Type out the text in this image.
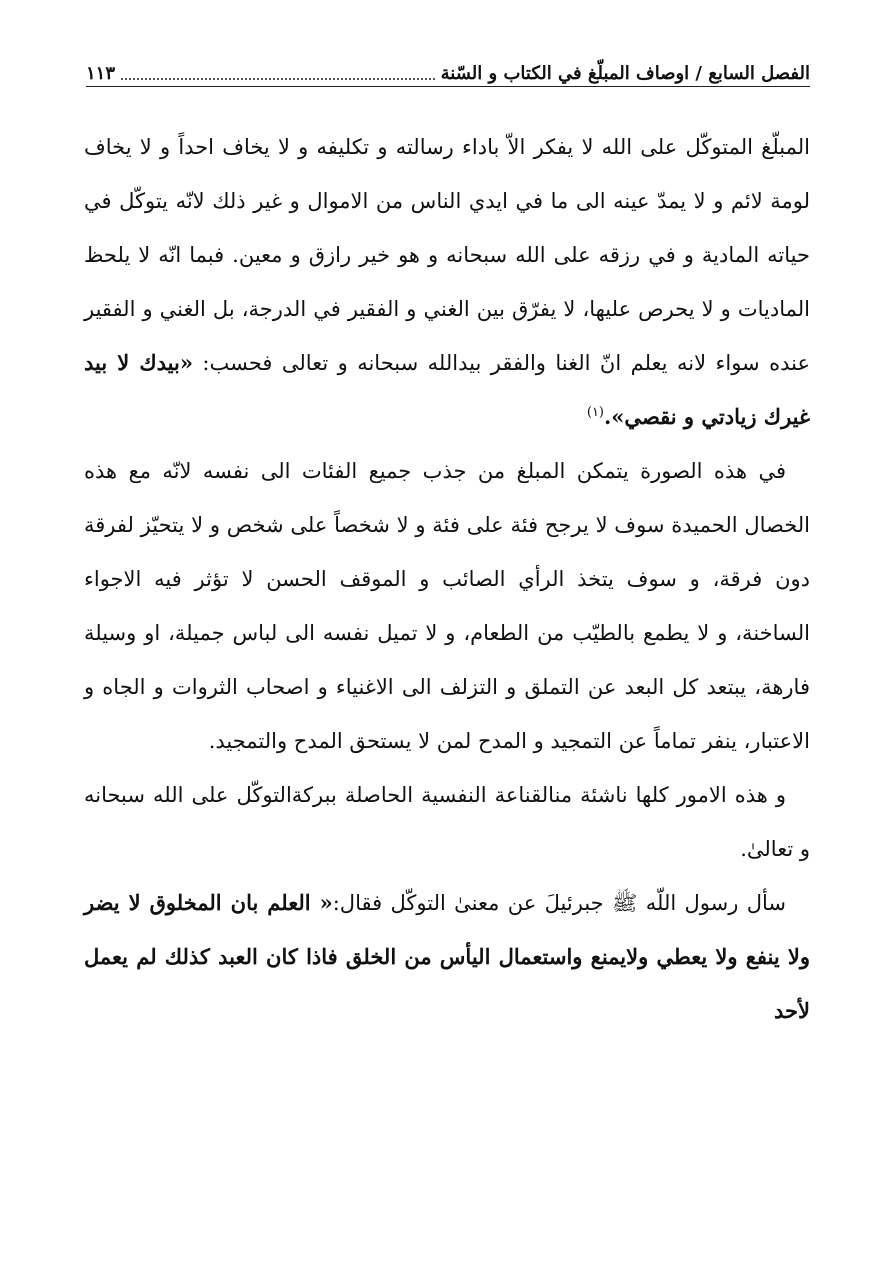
الفصل السابع / اوصاف المبلّغ في الكتاب و السّنة
١١٣

المبلّغ المتوكّل على الله لا يفكر الاّ باداء رسالته و تكليفه و لا يخاف احداً و لا يخاف لومة لائم و لا يمدّ عينه الى ما في ايدي الناس من الاموال و غير ذلك لانّه يتوكّل في حياته المادية و في رزقه على الله سبحانه و هو خير رازق و معين. فبما انّه لا يلحظ الماديات و لا يحرص عليها، لا يفرّق بين الغني و الفقير في الدرجة، بل الغني و الفقير عنده سواء لانه يعلم انّ الغنا والفقر بيدالله سبحانه و تعالى فحسب: «بيدك لا بيد غيرك زيادتي و نقصي».$^{(١)}$

في هذه الصورة يتمكن المبلغ من جذب جميع الفئات الى نفسه لانّه مع هذه الخصال الحميدة سوف لا يرجح فئة على فئة و لا شخصاً على شخص و لا يتحيّز لفرقة دون فرقة، و سوف يتخذ الرأي الصائب و الموقف الحسن لا تؤثر فيه الاجواء الساخنة، و لا يطمع بالطيّب من الطعام، و لا تميل نفسه الى لباس جميلة، او وسيلة فارهة، يبتعد كل البعد عن التملق و التزلف الى الاغنياء و اصحاب الثروات و الجاه و الاعتبار، ينفر تماماً عن التمجيد و المدح لمن لا يستحق المدح والتمجيد.

و هذه الامور كلها ناشئة منالقناعة النفسية الحاصلة ببركةالتوكّل على الله سبحانه و تعالىٰ.

سأل رسول اللّه ﷺ جبرئيلَ عن معنىٰ التوكّل فقال:« العلم بان المخلوق لا يضر ولا ينفع ولا يعطي ولايمنع واستعمال اليأس من الخلق فاذا كان العبد كذلك لم يعمل لأحد
